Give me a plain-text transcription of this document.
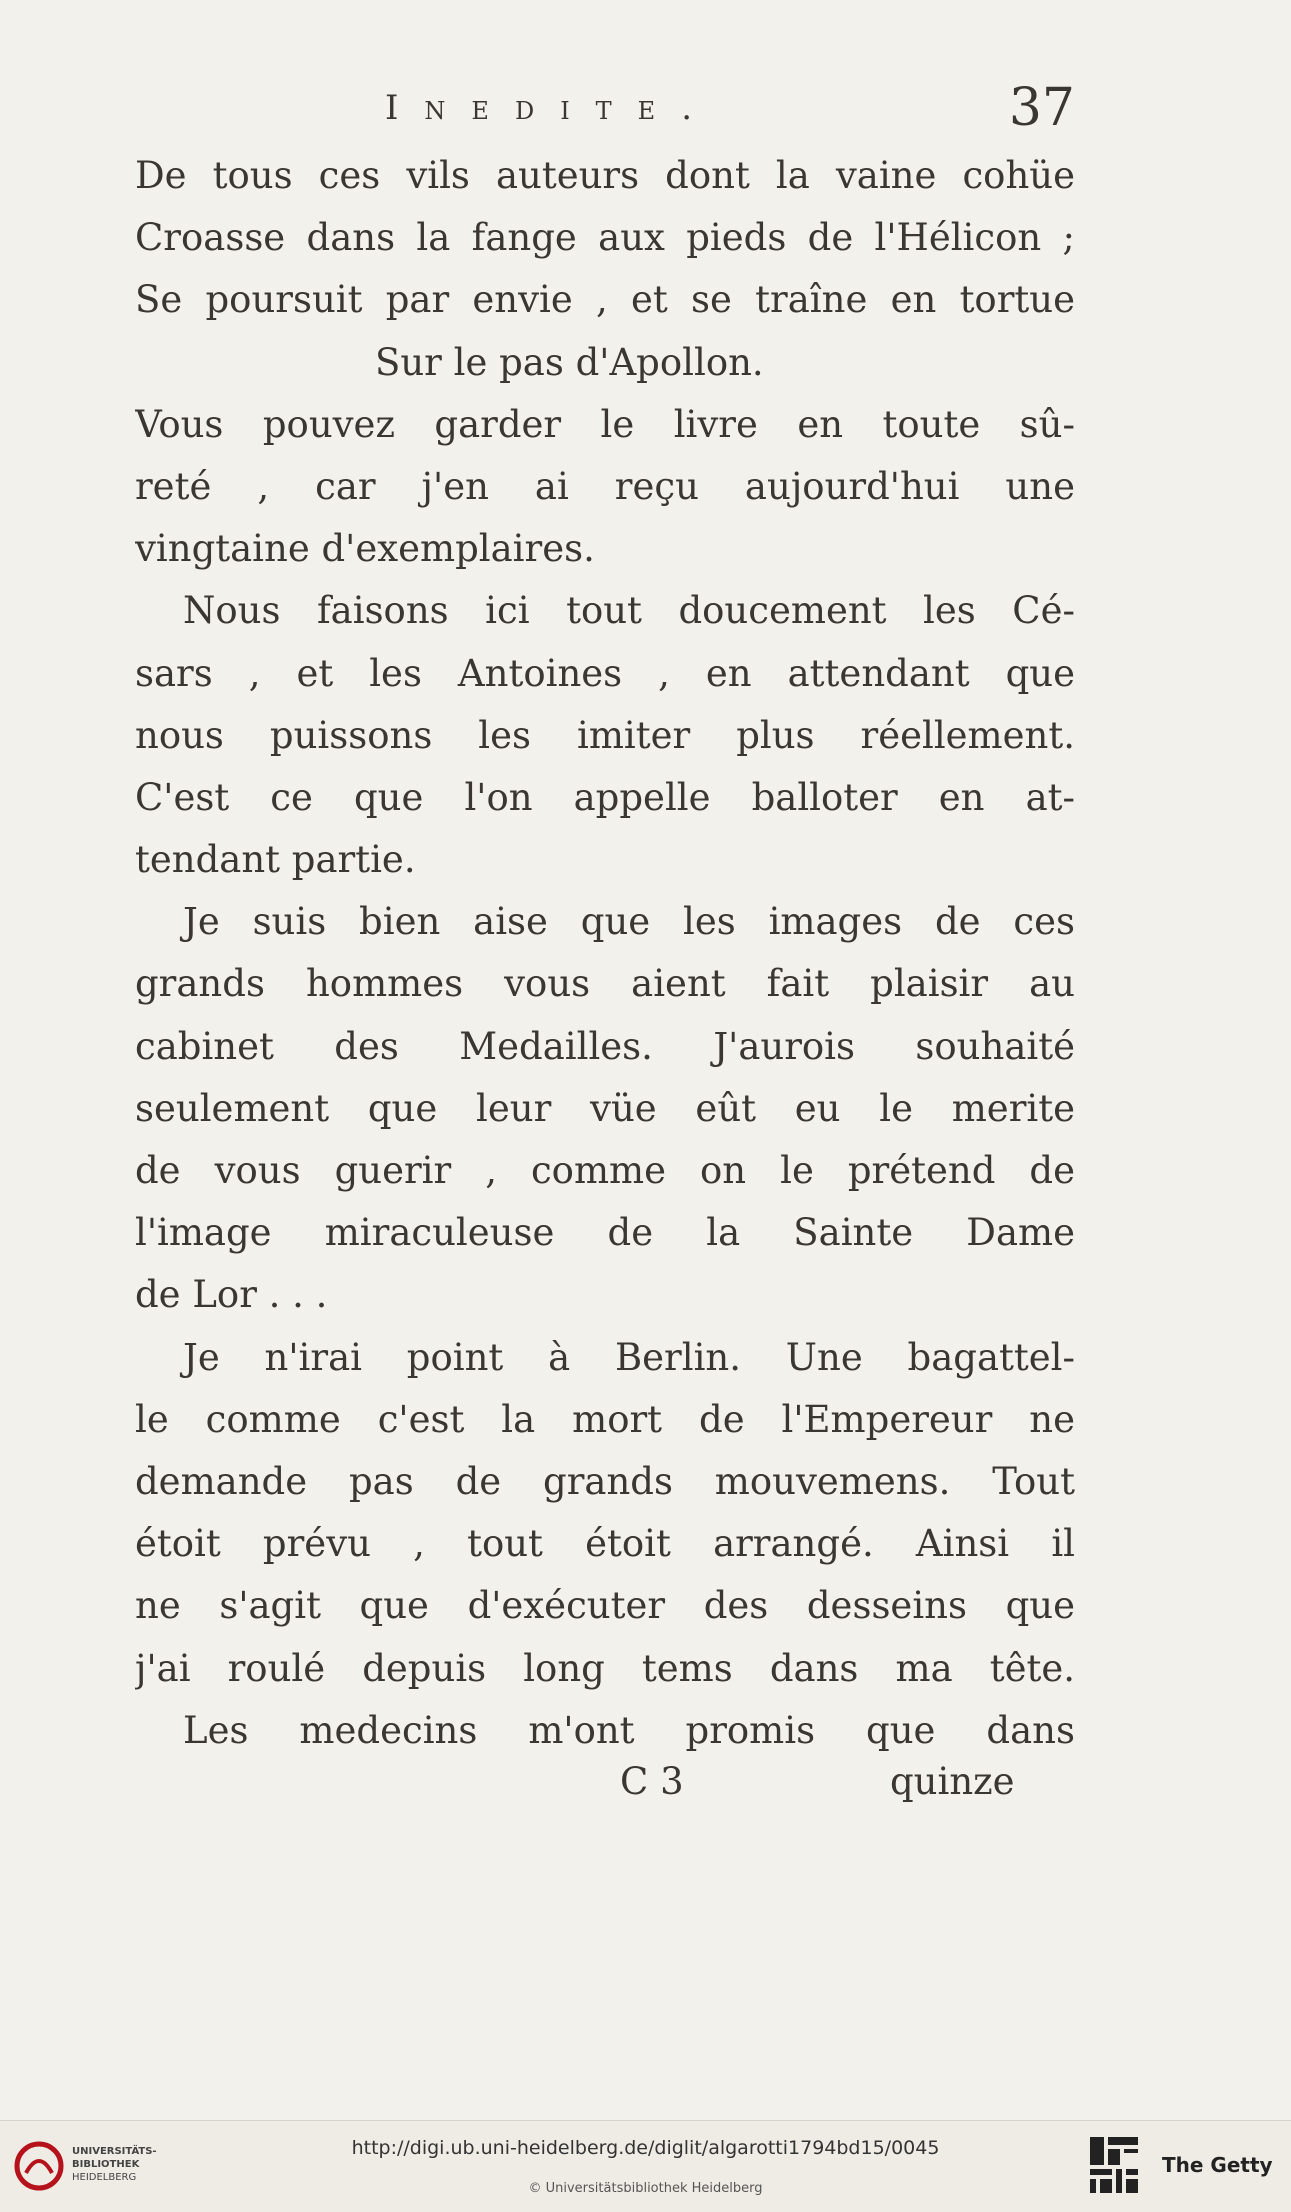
Inedite.	37
De tous ces vils auteurs dont la vaine cohüe
Croasse dans la fange aux pieds de l'Hélicon ;
Se poursuit par envie , et se traîne en tortue
Sur le pas d'Apollon.
Vous pouvez garder le livre en toute sû-
reté , car j'en ai reçu aujourd'hui une
vingtaine d'exemplaires.
Nous faisons ici tout doucement les Cé-
sars , et les Antoines , en attendant que
nous puissons les imiter plus réellement.
C'est ce que l'on appelle balloter en at-
tendant partie.
Je suis bien aise que les images de ces
grands hommes vous aient fait plaisir au
cabinet des Medailles. J'aurois souhaité
seulement que leur vüe eût eu le merite
de vous guerir , comme on le prétend de
l'image miraculeuse de la Sainte Dame
de Lor . . .
Je n'irai point à Berlin. Une bagattel-
le comme c'est la mort de l'Empereur ne
demande pas de grands mouvemens. Tout
étoit prévu , tout étoit arrangé. Ainsi il
ne s'agit que d'exécuter des desseins que
j'ai roulé depuis long tems dans ma tête.
Les medecins m'ont promis que dans
C 3	quinze
UNIVERSITÄTS-
BIBLIOTHEK
HEIDELBERG
http://digi.ub.uni-heidelberg.de/diglit/algarotti1794bd15/0045
© Universitätsbibliothek Heidelberg
The Getty
